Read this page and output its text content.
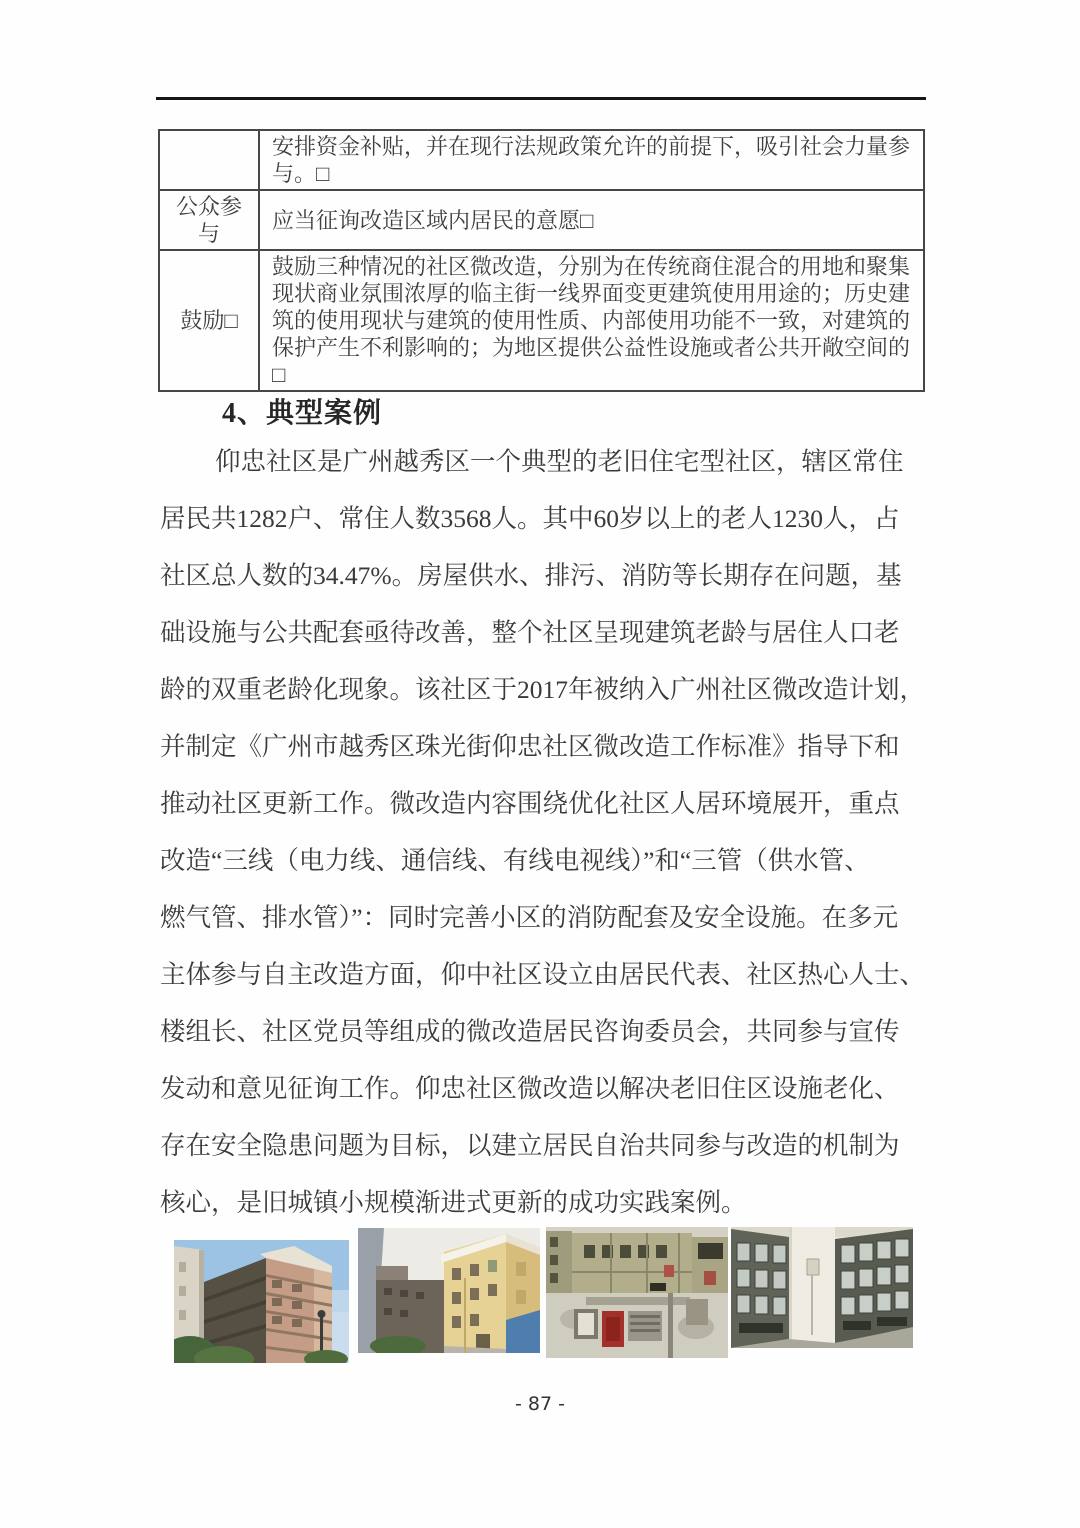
	安排资金补贴，并在现行法规政策允许的前提下，吸引社会力量参
与。□

公众参
与	应当征询改造区域内居民的意愿□

鼓励□	鼓励三种情况的社区微改造，分别为在传统商住混合的用地和聚集
现状商业氛围浓厚的临主街一线界面变更建筑使用用途的；历史建
筑的使用现状与建筑的使用性质、内部使用功能不一致，对建筑的
保护产生不利影响的；为地区提供公益性设施或者公共开敞空间的
□
4、典型案例
仰忠社区是广州越秀区一个典型的老旧住宅型社区，辖区常住
居民共1282户、常住人数3568人。其中60岁以上的老人1230人，占
社区总人数的34.47%。房屋供水、排污、消防等长期存在问题，基
础设施与公共配套亟待改善，整个社区呈现建筑老龄与居住人口老
龄的双重老龄化现象。该社区于2017年被纳入广州社区微改造计划，
并制定《广州市越秀区珠光街仰忠社区微改造工作标准》指导下和
推动社区更新工作。微改造内容围绕优化社区人居环境展开，重点
改造“三线（电力线、通信线、有线电视线）”和“三管（供水管、
燃气管、排水管）”：同时完善小区的消防配套及安全设施。在多元
主体参与自主改造方面，仰中社区设立由居民代表、社区热心人士、
楼组长、社区党员等组成的微改造居民咨询委员会，共同参与宣传
发动和意见征询工作。仰忠社区微改造以解决老旧住区设施老化、
存在安全隐患问题为目标，以建立居民自治共同参与改造的机制为
核心，是旧城镇小规模渐进式更新的成功实践案例。
- 87 -
